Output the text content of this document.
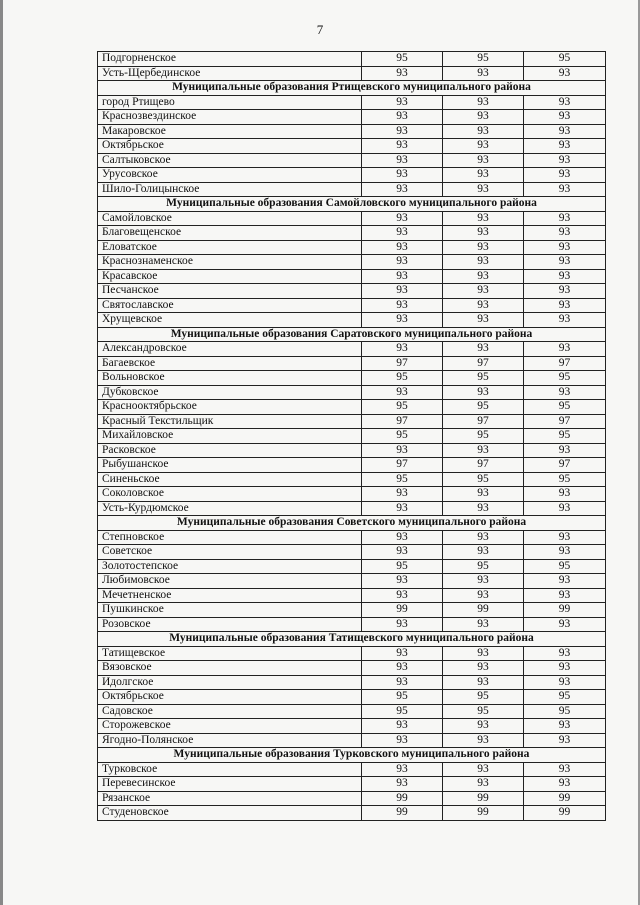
7
Подгорненское	95	95	95
Усть-Щербединское	93	93	93
Муниципальные образования Ртищевского муниципального района			
город Ртищево	93	93	93
Краснозвездинское	93	93	93
Макаровское	93	93	93
Октябрьское	93	93	93
Салтыковское	93	93	93
Урусовское	93	93	93
Шило-Голицынское	93	93	93
Муниципальные образования Самойловского муниципального района			
Самойловское	93	93	93
Благовещенское	93	93	93
Еловатское	93	93	93
Краснознаменское	93	93	93
Красавское	93	93	93
Песчанское	93	93	93
Святославское	93	93	93
Хрущевское	93	93	93
Муниципальные образования Саратовского муниципального района			
Александровское	93	93	93
Багаевское	97	97	97
Вольновское	95	95	95
Дубковское	93	93	93
Краснооктябрьское	95	95	95
Красный Текстильщик	97	97	97
Михайловское	95	95	95
Расковское	93	93	93
Рыбушанское	97	97	97
Синеньское	95	95	95
Соколовское	93	93	93
Усть-Курдюмское	93	93	93
Муниципальные образования Советского муниципального района			
Степновское	93	93	93
Советское	93	93	93
Золотостепское	95	95	95
Любимовское	93	93	93
Мечетненское	93	93	93
Пушкинское	99	99	99
Розовское	93	93	93
Муниципальные образования Татищевского муниципального района			
Татищевское	93	93	93
Вязовское	93	93	93
Идолгское	93	93	93
Октябрьское	95	95	95
Садовское	95	95	95
Сторожевское	93	93	93
Ягодно-Полянское	93	93	93
Муниципальные образования Турковского муниципального района			
Турковское	93	93	93
Перевесинское	93	93	93
Рязанское	99	99	99
Студеновское	99	99	99
